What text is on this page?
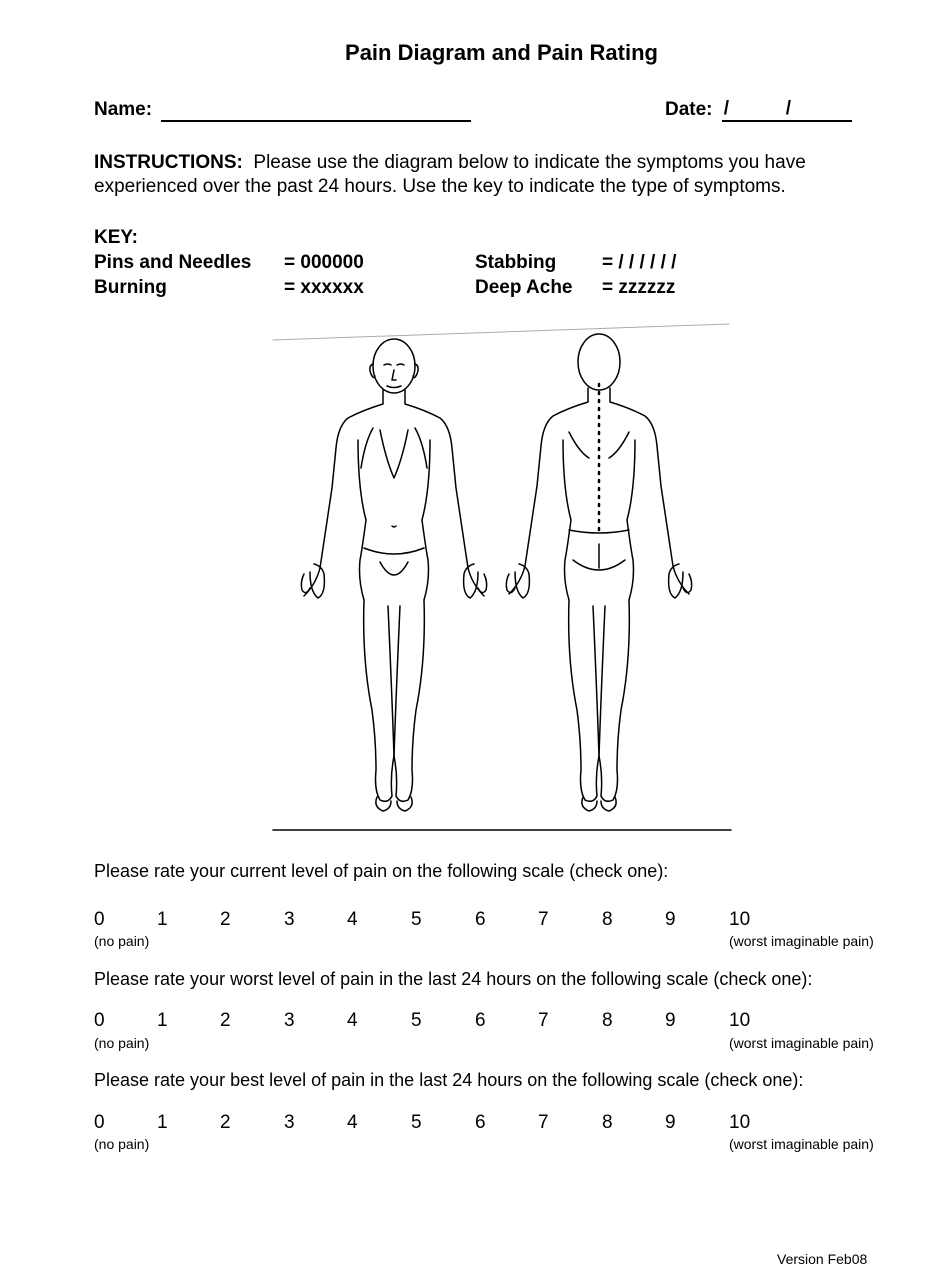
Pain Diagram and Pain Rating
Name:	Date: /	/
INSTRUCTIONS: Please use the diagram below to indicate the symptoms you have
experienced over the past 24 hours. Use the key to indicate the type of symptoms.
KEY:
Pins and Needles = 000000
Burning	= xxxxxx
Stabbing = / / / / / /
Deep Ache = zzzzzz
Please rate your current level of pain on the following scale (check one):
0	1	2	3	4	5	6	7	8	9	10
(no pain)	(worst imaginable pain)
Please rate your worst level of pain in the last 24 hours on the following scale (check one):
0	1	2	3	4	5	6	7	8	9	10
(no pain)	(worst imaginable pain)
Please rate your best level of pain in the last 24 hours on the following scale (check one):
0	1	2	3	4	5	6	7	8	9	10
(no pain)	(worst imaginable pain)
Version Feb08
